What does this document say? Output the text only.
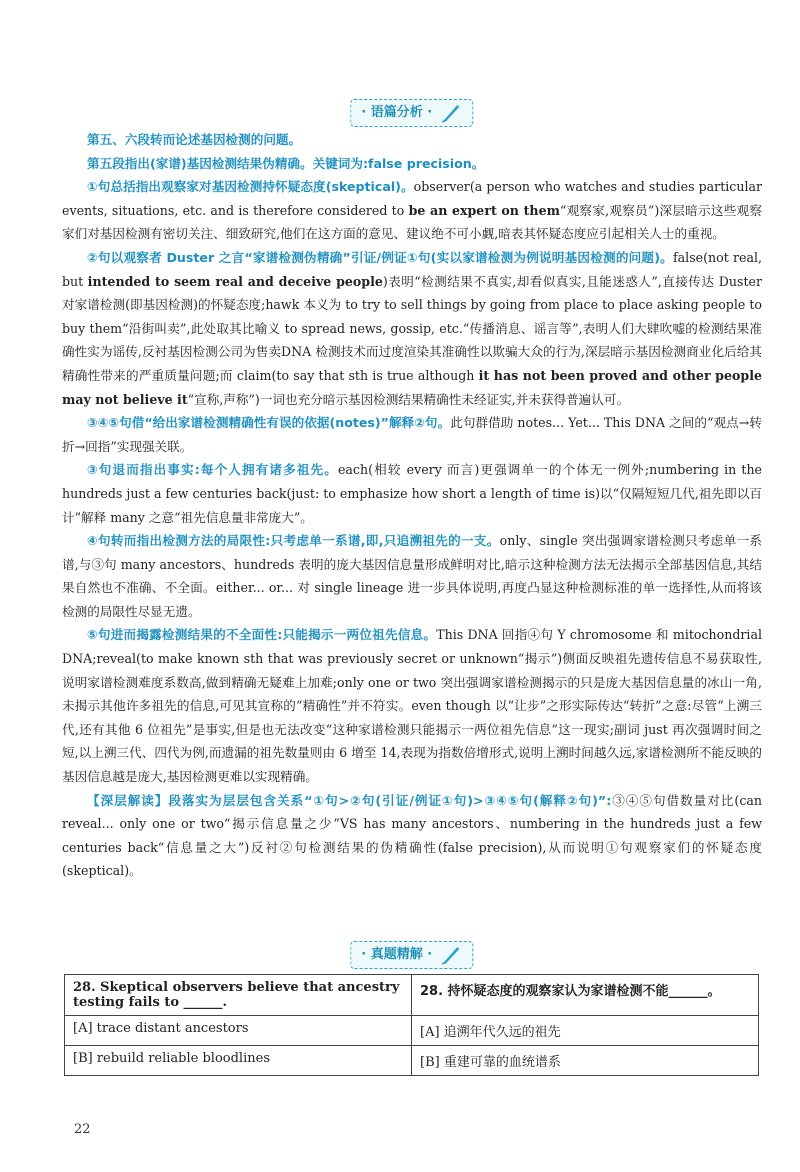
· 语篇分析 ·

第五、六段转而论述基因检测的问题。

第五段指出(家谱)基因检测结果伪精确。关键词为:false precision。

①句总括指出观察家对基因检测持怀疑态度(skeptical)。observer(a person who watches and studies particular events, situations, etc. and is therefore considered to be an expert on them“观察家,观察员”)深层暗示这些观察家们对基因检测有密切关注、细致研究,他们在这方面的意见、建议绝不可小觑,暗表其怀疑态度应引起相关人士的重视。

②句以观察者 Duster 之言“家谱检测伪精确”引证/例证①句(实以家谱检测为例说明基因检测的问题)。false(not real, but intended to seem real and deceive people)表明“检测结果不真实,却看似真实,且能迷惑人”,直接传达 Duster 对家谱检测(即基因检测)的怀疑态度;hawk 本义为 to try to sell things by going from place to place asking people to buy them“沿街叫卖”,此处取其比喻义 to spread news, gossip, etc.“传播消息、谣言等”,表明人们大肆吹嘘的检测结果准确性实为谣传,反衬基因检测公司为售卖DNA 检测技术而过度渲染其准确性以欺骗大众的行为,深层暗示基因检测商业化后给其精确性带来的严重质量问题;而 claim(to say that sth is true although it has not been proved and other people may not believe it“宣称,声称”)一词也充分暗示基因检测结果精确性未经证实,并未获得普遍认可。

③④⑤句借“给出家谱检测精确性有误的依据(notes)”解释②句。此句群借助 notes... Yet... This DNA 之间的“观点→转折→回指”实现强关联。

③句退而指出事实:每个人拥有诸多祖先。each(相较 every 而言)更强调单一的个体无一例外;numbering in the hundreds just a few centuries back(just: to emphasize how short a length of time is)以“仅隔短短几代,祖先即以百计”解释 many 之意“祖先信息量非常庞大”。

④句转而指出检测方法的局限性:只考虑单一系谱,即,只追溯祖先的一支。only、single 突出强调家谱检测只考虑单一系谱,与③句 many ancestors、hundreds 表明的庞大基因信息量形成鲜明对比,暗示这种检测方法无法揭示全部基因信息,其结果自然也不准确、不全面。either... or... 对 single lineage 进一步具体说明,再度凸显这种检测标准的单一选择性,从而将该检测的局限性尽显无遗。

⑤句进而揭露检测结果的不全面性:只能揭示一两位祖先信息。This DNA 回指④句 Y chromosome 和 mitochondrial DNA;reveal(to make known sth that was previously secret or unknown“揭示”)侧面反映祖先遗传信息不易获取性,说明家谱检测难度系数高,做到精确无疑难上加难;only one or two 突出强调家谱检测揭示的只是庞大基因信息量的冰山一角,未揭示其他许多祖先的信息,可见其宣称的“精确性”并不符实。even though 以“让步”之形实际传达“转折”之意:尽管“上溯三代,还有其他 6 位祖先”是事实,但是也无法改变“这种家谱检测只能揭示一两位祖先信息”这一现实;副词 just 再次强调时间之短,以上溯三代、四代为例,而遗漏的祖先数量则由 6 增至 14,表现为指数倍增形式,说明上溯时间越久远,家谱检测所不能反映的基因信息越是庞大,基因检测更难以实现精确。

【深层解读】段落实为层层包含关系“①句>②句(引证/例证①句)>③④⑤句(解释②句)”:③④⑤句借数量对比(can reveal... only one or two“揭示信息量之少”VS has many ancestors、numbering in the hundreds just a few centuries back“信息量之大”)反衬②句检测结果的伪精确性(false precision),从而说明①句观察家们的怀疑态度(skeptical)。

· 真题精解 ·
28. Skeptical observers believe that ancestry testing fails to ______.	28. 持怀疑态度的观察家认为家谱检测不能______。
[A] trace distant ancestors	[A] 追溯年代久远的祖先
[B] rebuild reliable bloodlines	[B] 重建可靠的血统谱系
22
